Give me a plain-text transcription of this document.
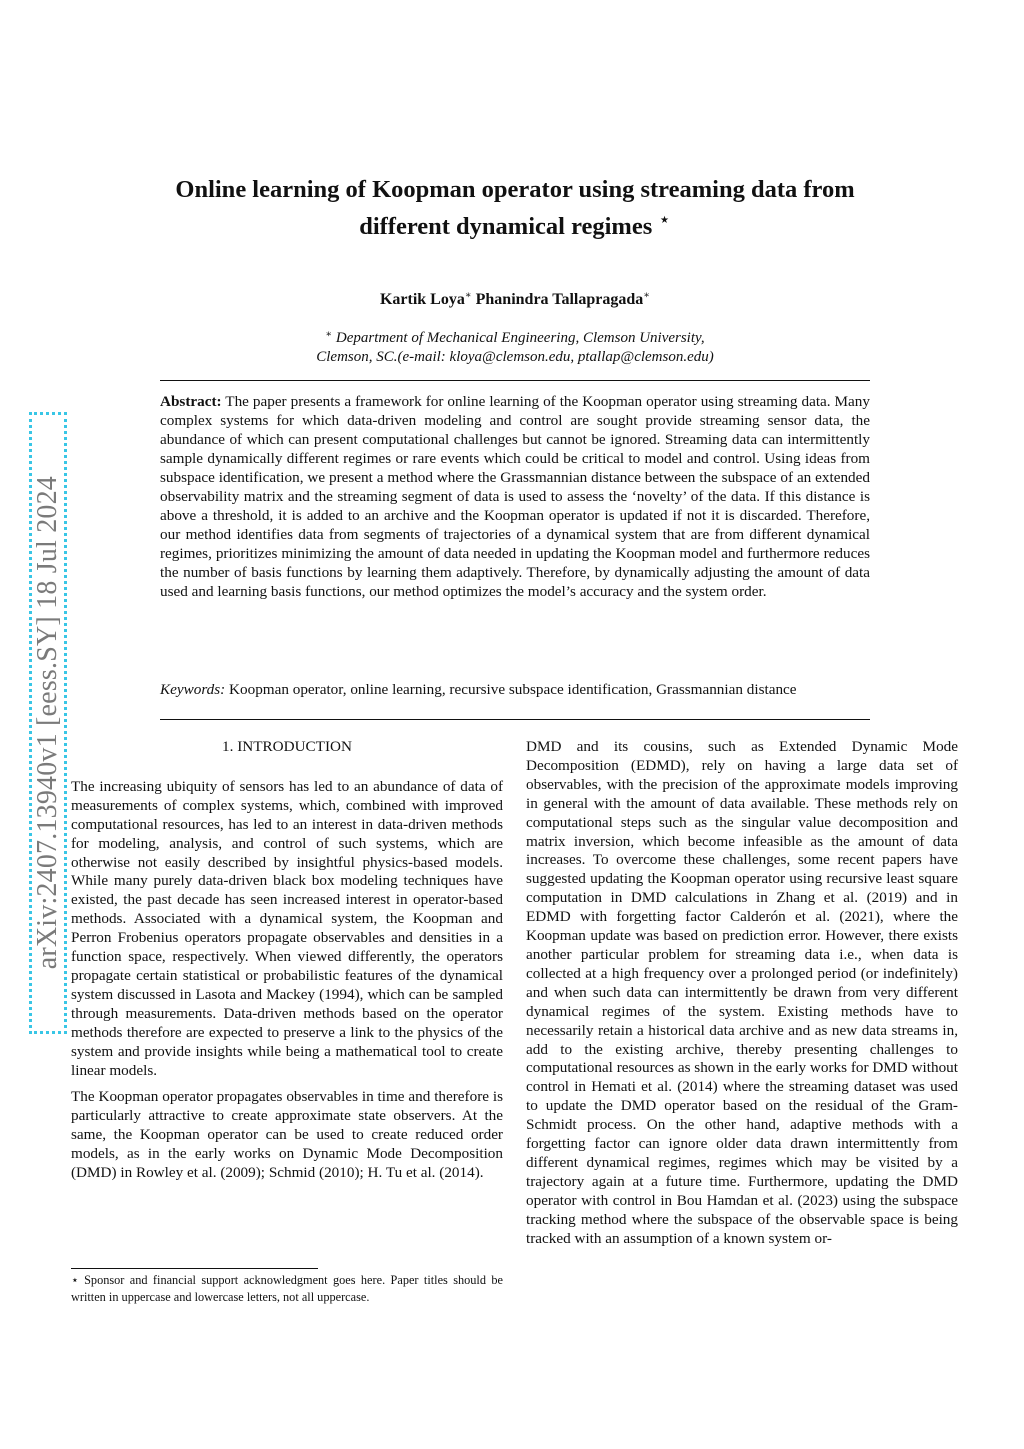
arXiv:2407.13940v1 [eess.SY] 18 Jul 2024
Online learning of Koopman operator using streaming data from different dynamical regimes ⋆
Kartik Loya∗ Phanindra Tallapragada∗
∗ Department of Mechanical Engineering, Clemson University,
Clemson, SC.(e-mail: kloya@clemson.edu, ptallap@clemson.edu)

Abstract: The paper presents a framework for online learning of the Koopman operator using streaming data. Many complex systems for which data-driven modeling and control are sought provide streaming sensor data, the abundance of which can present computational challenges but cannot be ignored. Streaming data can intermittently sample dynamically different regimes or rare events which could be critical to model and control. Using ideas from subspace identification, we present a method where the Grassmannian distance between the subspace of an extended observability matrix and the streaming segment of data is used to assess the ‘novelty’ of the data. If this distance is above a threshold, it is added to an archive and the Koopman operator is updated if not it is discarded. Therefore, our method identifies data from segments of trajectories of a dynamical system that are from different dynamical regimes, prioritizes minimizing the amount of data needed in updating the Koopman model and furthermore reduces the number of basis functions by learning them adaptively. Therefore, by dynamically adjusting the amount of data used and learning basis functions, our method optimizes the model’s accuracy and the system order.

Keywords: Koopman operator, online learning, recursive subspace identification, Grassmannian distance

1. INTRODUCTION

The increasing ubiquity of sensors has led to an abundance of data of measurements of complex systems, which, combined with improved computational resources, has led to an interest in data-driven methods for modeling, analysis, and control of such systems, which are otherwise not easily described by insightful physics-based models. While many purely data-driven black box modeling techniques have existed, the past decade has seen increased interest in operator-based methods. Associated with a dynamical system, the Koopman and Perron Frobenius operators propagate observables and densities in a function space, respectively. When viewed differently, the operators propagate certain statistical or probabilistic features of the dynamical system discussed in Lasota and Mackey (1994), which can be sampled through measurements. Data-driven methods based on the operator methods therefore are expected to preserve a link to the physics of the system and provide insights while being a mathematical tool to create linear models.

The Koopman operator propagates observables in time and therefore is particularly attractive to create approximate state observers. At the same, the Koopman operator can be used to create reduced order models, as in the early works on Dynamic Mode Decomposition (DMD) in Rowley et al. (2009); Schmid (2010); H. Tu et al. (2014).

DMD and its cousins, such as Extended Dynamic Mode Decomposition (EDMD), rely on having a large data set of observables, with the precision of the approximate models improving in general with the amount of data available. These methods rely on computational steps such as the singular value decomposition and matrix inversion, which become infeasible as the amount of data increases. To overcome these challenges, some recent papers have suggested updating the Koopman operator using recursive least square computation in DMD calculations in Zhang et al. (2019) and in EDMD with forgetting factor Calderón et al. (2021), where the Koopman update was based on prediction error. However, there exists another particular problem for streaming data i.e., when data is collected at a high frequency over a prolonged period (or indefinitely) and when such data can intermittently be drawn from very different dynamical regimes of the system. Existing methods have to necessarily retain a historical data archive and as new data streams in, add to the existing archive, thereby presenting challenges to computational resources as shown in the early works for DMD without control in Hemati et al. (2014) where the streaming dataset was used to update the DMD operator based on the residual of the Gram-Schmidt process. On the other hand, adaptive methods with a forgetting factor can ignore older data drawn intermittently from different dynamical regimes, regimes which may be visited by a trajectory again at a future time. Furthermore, updating the DMD operator with control in Bou Hamdan et al. (2023) using the subspace tracking method where the subspace of the observable space is being tracked with an assumption of a known system or-

⋆ Sponsor and financial support acknowledgment goes here. Paper titles should be written in uppercase and lowercase letters, not all uppercase.
